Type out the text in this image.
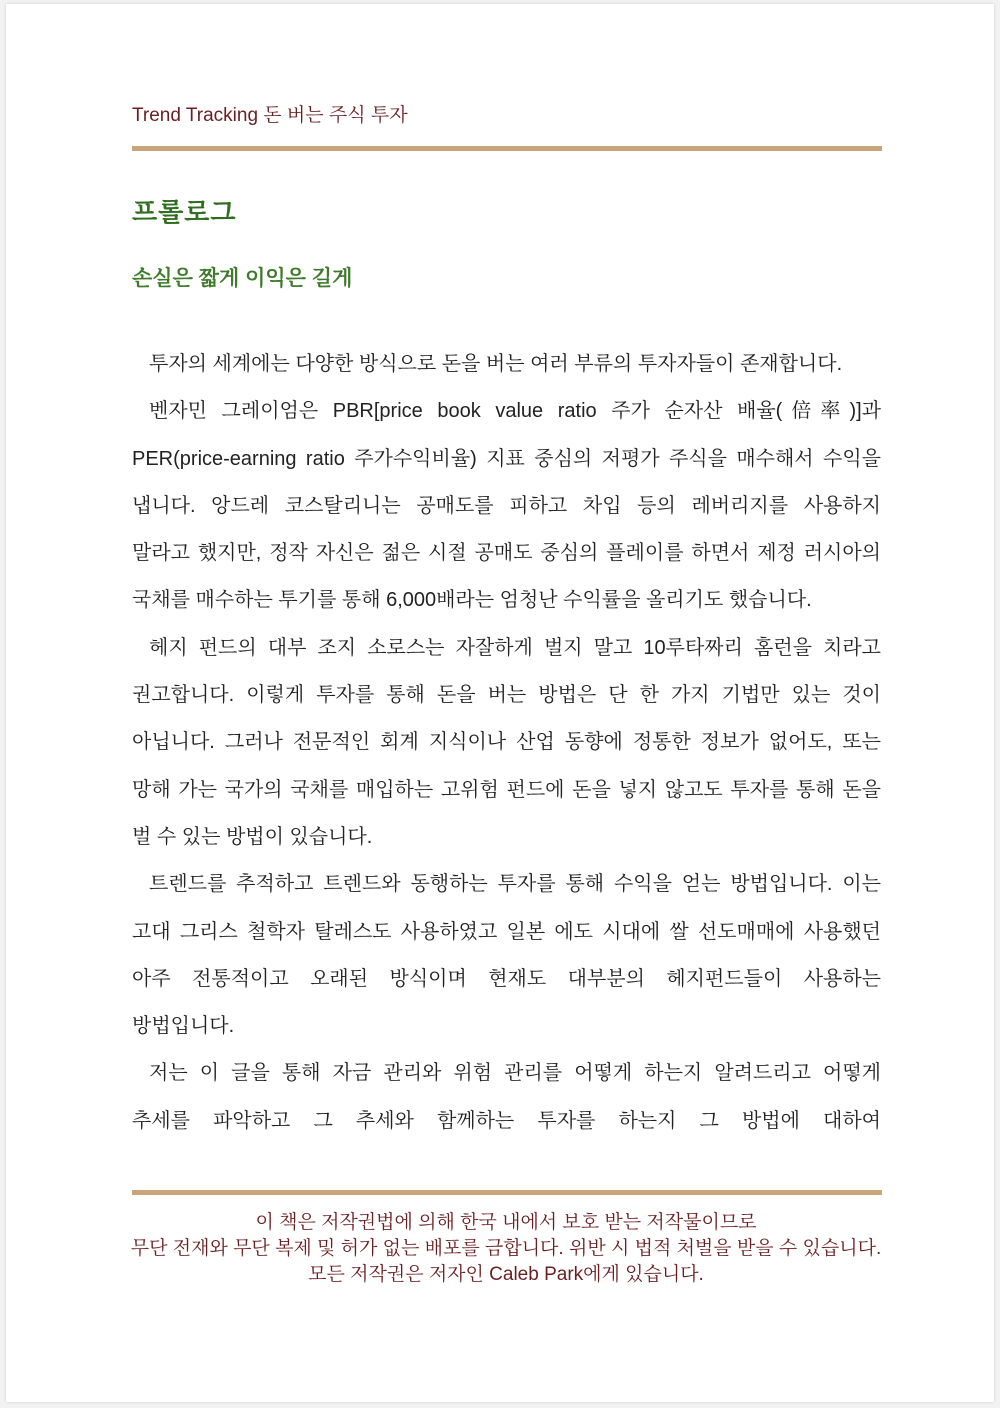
Trend Tracking 돈 버는 주식 투자
프롤로그
손실은 짧게 이익은 길게
투자의 세계에는 다양한 방식으로 돈을 버는 여러 부류의 투자자들이 존재합니다.
벤자민 그레이엄은 PBR[price book value ratio 주가 순자산 배율(倍率)]과
PER(price-earning ratio 주가수익비율) 지표 중심의 저평가 주식을 매수해서 수익을
냅니다. 앙드레 코스탈리니는 공매도를 피하고 차입 등의 레버리지를 사용하지
말라고 했지만, 정작 자신은 젊은 시절 공매도 중심의 플레이를 하면서 제정 러시아의
국채를 매수하는 투기를 통해 6,000배라는 엄청난 수익률을 올리기도 했습니다.
헤지 펀드의 대부 조지 소로스는 자잘하게 벌지 말고 10루타짜리 홈런을 치라고
권고합니다. 이렇게 투자를 통해 돈을 버는 방법은 단 한 가지 기법만 있는 것이
아닙니다. 그러나 전문적인 회계 지식이나 산업 동향에 정통한 정보가 없어도, 또는
망해 가는 국가의 국채를 매입하는 고위험 펀드에 돈을 넣지 않고도 투자를 통해 돈을
벌 수 있는 방법이 있습니다.
트렌드를 추적하고 트렌드와 동행하는 투자를 통해 수익을 얻는 방법입니다. 이는
고대 그리스 철학자 탈레스도 사용하였고 일본 에도 시대에 쌀 선도매매에 사용했던
아주 전통적이고 오래된 방식이며 현재도 대부분의 헤지펀드들이 사용하는
방법입니다.
저는 이 글을 통해 자금 관리와 위험 관리를 어떻게 하는지 알려드리고 어떻게
추세를 파악하고 그 추세와 함께하는 투자를 하는지 그 방법에 대하여
이 책은 저작권법에 의해 한국 내에서 보호 받는 저작물이므로
무단 전재와 무단 복제 및 허가 없는 배포를 금합니다. 위반 시 법적 처벌을 받을 수 있습니다.
모든 저작권은 저자인 Caleb Park에게 있습니다.
